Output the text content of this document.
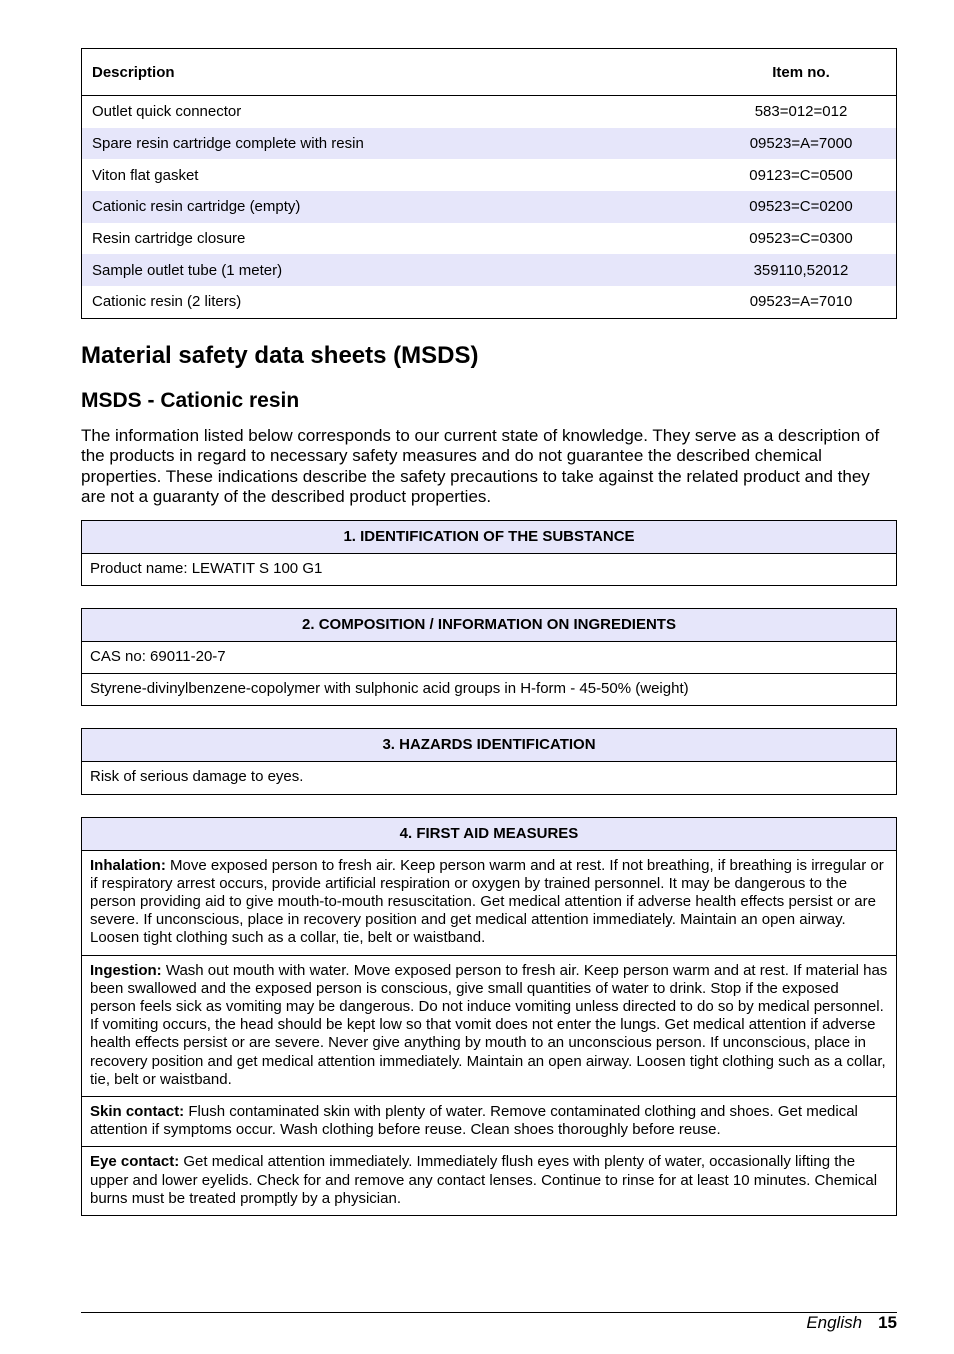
Description	Item no.
Outlet quick connector	583=012=012
Spare resin cartridge complete with resin	09523=A=7000
Viton flat gasket	09123=C=0500
Cationic resin cartridge (empty)	09523=C=0200
Resin cartridge closure	09523=C=0300
Sample outlet tube (1 meter)	359110,52012
Cationic resin (2 liters)	09523=A=7010
Material safety data sheets (MSDS)
MSDS - Cationic resin

The information listed below corresponds to our current state of knowledge. They serve as a description of the products in regard to necessary safety measures and do not guarantee the described chemical properties. These indications describe the safety precautions to take against the related product and they are not a guaranty of the described product properties.

1. IDENTIFICATION OF THE SUBSTANCE
Product name: LEWATIT S 100 G1
2. COMPOSITION / INFORMATION ON INGREDIENTS
CAS no: 69011-20-7
Styrene-divinylbenzene-copolymer with sulphonic acid groups in H-form - 45-50% (weight)
3. HAZARDS IDENTIFICATION
Risk of serious damage to eyes.
4. FIRST AID MEASURES
Inhalation: Move exposed person to fresh air. Keep person warm and at rest. If not breathing, if breathing is irregular or if respiratory arrest occurs, provide artificial respiration or oxygen by trained personnel. It may be dangerous to the person providing aid to give mouth-to-mouth resuscitation. Get medical attention if adverse health effects persist or are severe. If unconscious, place in recovery position and get medical attention immediately. Maintain an open airway. Loosen tight clothing such as a collar, tie, belt or waistband.
Ingestion: Wash out mouth with water. Move exposed person to fresh air. Keep person warm and at rest. If material has been swallowed and the exposed person is conscious, give small quantities of water to drink. Stop if the exposed person feels sick as vomiting may be dangerous. Do not induce vomiting unless directed to do so by medical personnel. If vomiting occurs, the head should be kept low so that vomit does not enter the lungs. Get medical attention if adverse health effects persist or are severe. Never give anything by mouth to an unconscious person. If unconscious, place in recovery position and get medical attention immediately. Maintain an open airway. Loosen tight clothing such as a collar, tie, belt or waistband.
Skin contact: Flush contaminated skin with plenty of water. Remove contaminated clothing and shoes. Get medical attention if symptoms occur. Wash clothing before reuse. Clean shoes thoroughly before reuse.
Eye contact: Get medical attention immediately. Immediately flush eyes with plenty of water, occasionally lifting the upper and lower eyelids. Check for and remove any contact lenses. Continue to rinse for at least 10 minutes. Chemical burns must be treated promptly by a physician.
English 15
